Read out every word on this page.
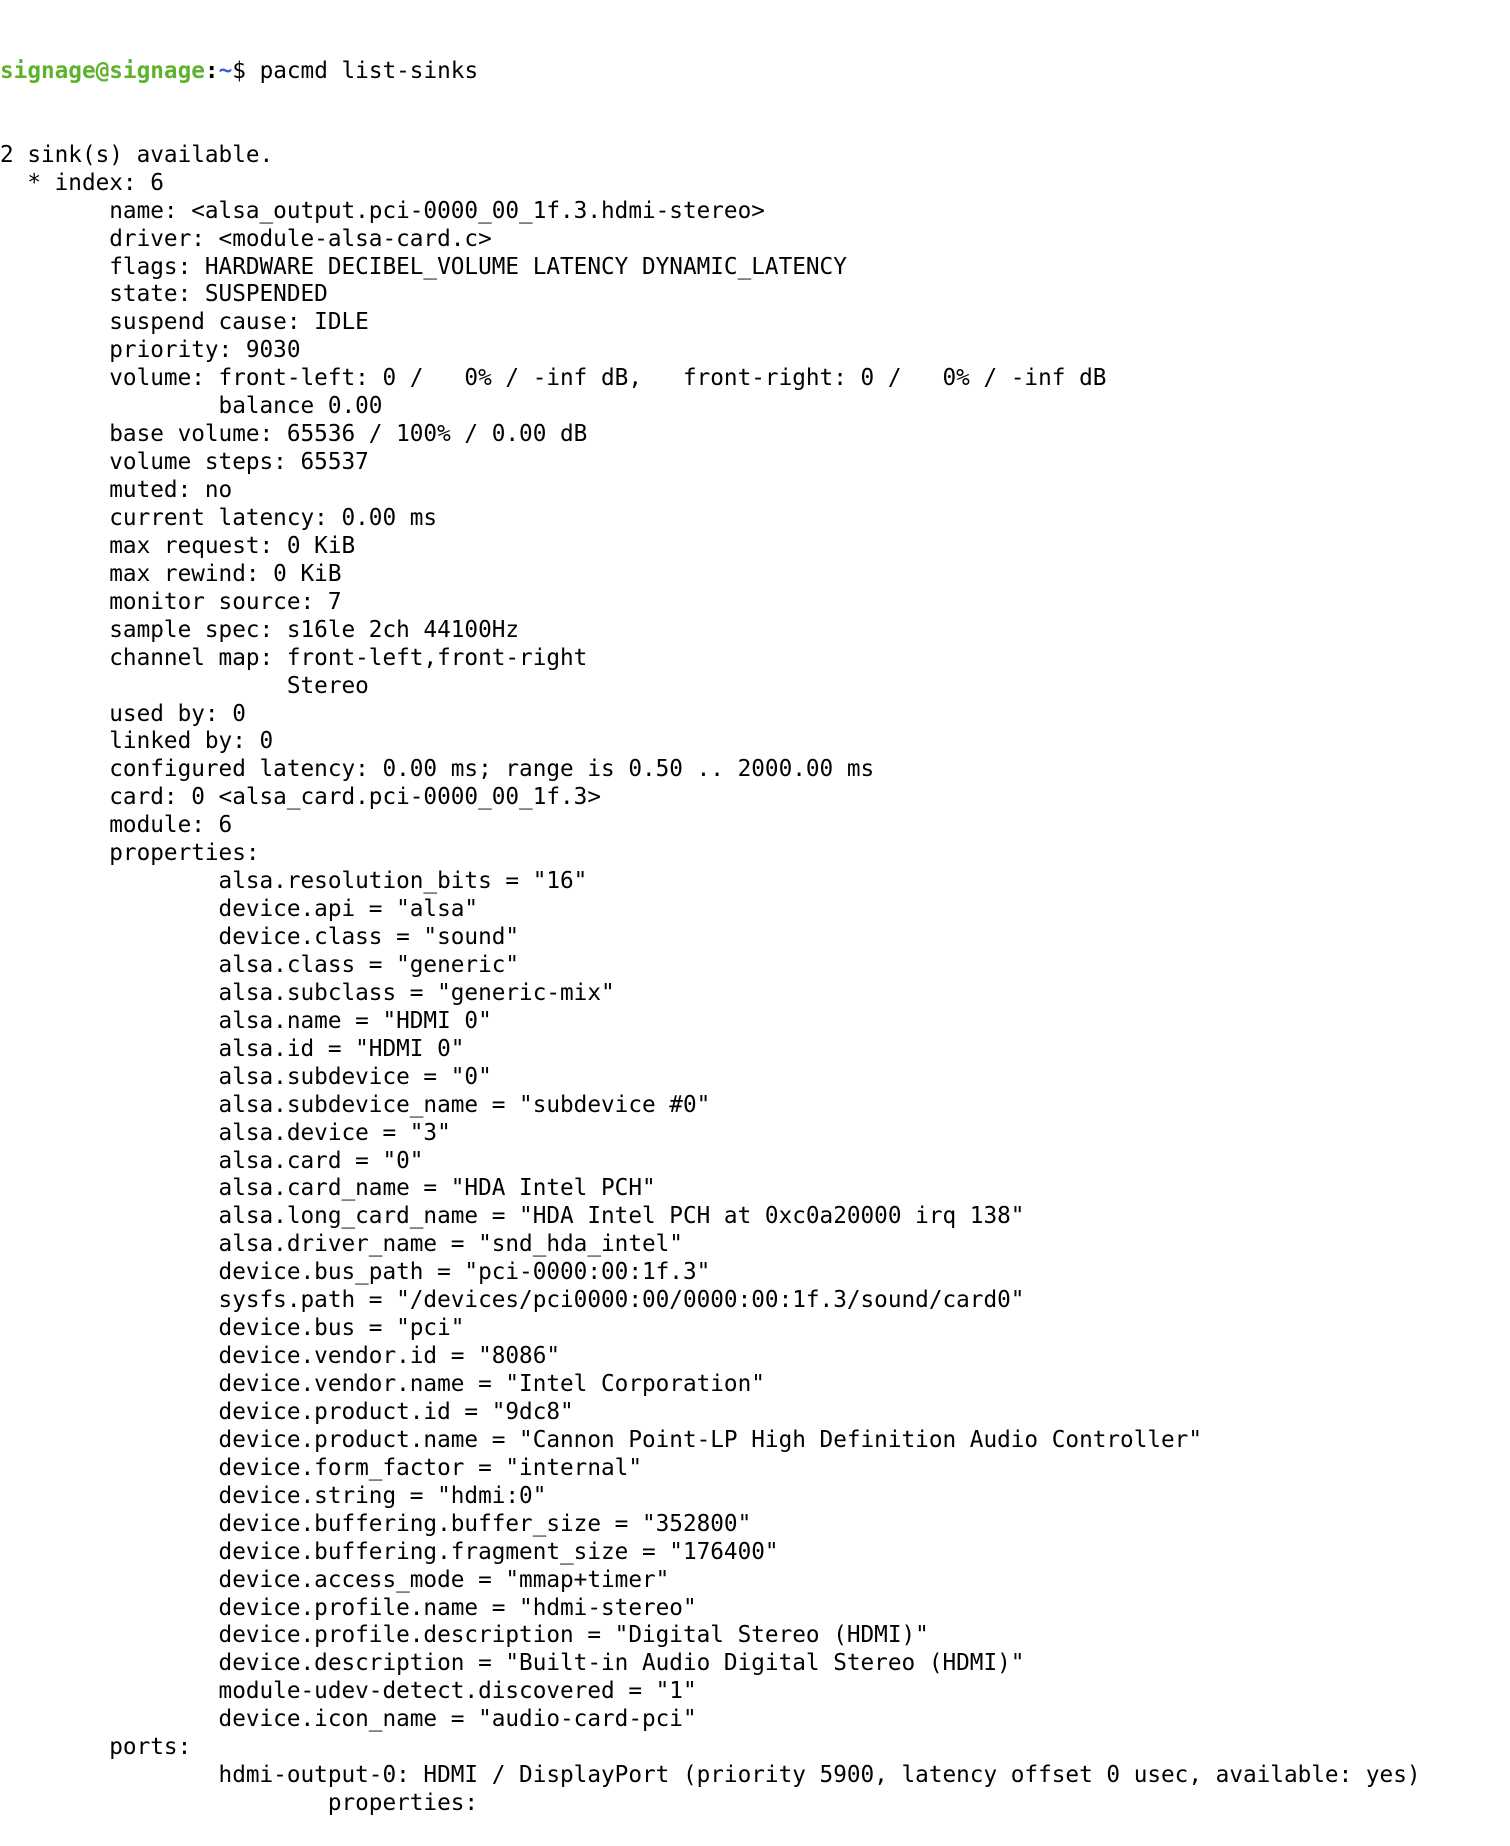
signage@signage:~$ pacmd list-sinks

2 sink(s) available.
* index: 6
name: <alsa_output.pci-0000_00_1f.3.hdmi-stereo>
driver: <module-alsa-card.c>
flags: HARDWARE DECIBEL_VOLUME LATENCY DYNAMIC_LATENCY
state: SUSPENDED
suspend cause: IDLE
priority: 9030
volume: front-left: 0 /   0% / -inf dB,   front-right: 0 /   0% / -inf dB
balance 0.00
base volume: 65536 / 100% / 0.00 dB
volume steps: 65537
muted: no
current latency: 0.00 ms
max request: 0 KiB
max rewind: 0 KiB
monitor source: 7
sample spec: s16le 2ch 44100Hz
channel map: front-left,front-right
Stereo
used by: 0
linked by: 0
configured latency: 0.00 ms; range is 0.50 .. 2000.00 ms
card: 0 <alsa_card.pci-0000_00_1f.3>
module: 6
properties:
alsa.resolution_bits = "16"
device.api = "alsa"
device.class = "sound"
alsa.class = "generic"
alsa.subclass = "generic-mix"
alsa.name = "HDMI 0"
alsa.id = "HDMI 0"
alsa.subdevice = "0"
alsa.subdevice_name = "subdevice #0"
alsa.device = "3"
alsa.card = "0"
alsa.card_name = "HDA Intel PCH"
alsa.long_card_name = "HDA Intel PCH at 0xc0a20000 irq 138"
alsa.driver_name = "snd_hda_intel"
device.bus_path = "pci-0000:00:1f.3"
sysfs.path = "/devices/pci0000:00/0000:00:1f.3/sound/card0"
device.bus = "pci"
device.vendor.id = "8086"
device.vendor.name = "Intel Corporation"
device.product.id = "9dc8"
device.product.name = "Cannon Point-LP High Definition Audio Controller"
device.form_factor = "internal"
device.string = "hdmi:0"
device.buffering.buffer_size = "352800"
device.buffering.fragment_size = "176400"
device.access_mode = "mmap+timer"
device.profile.name = "hdmi-stereo"
device.profile.description = "Digital Stereo (HDMI)"
device.description = "Built-in Audio Digital Stereo (HDMI)"
module-udev-detect.discovered = "1"
device.icon_name = "audio-card-pci"
ports:
hdmi-output-0: HDMI / DisplayPort (priority 5900, latency offset 0 usec, available: yes)
properties:
